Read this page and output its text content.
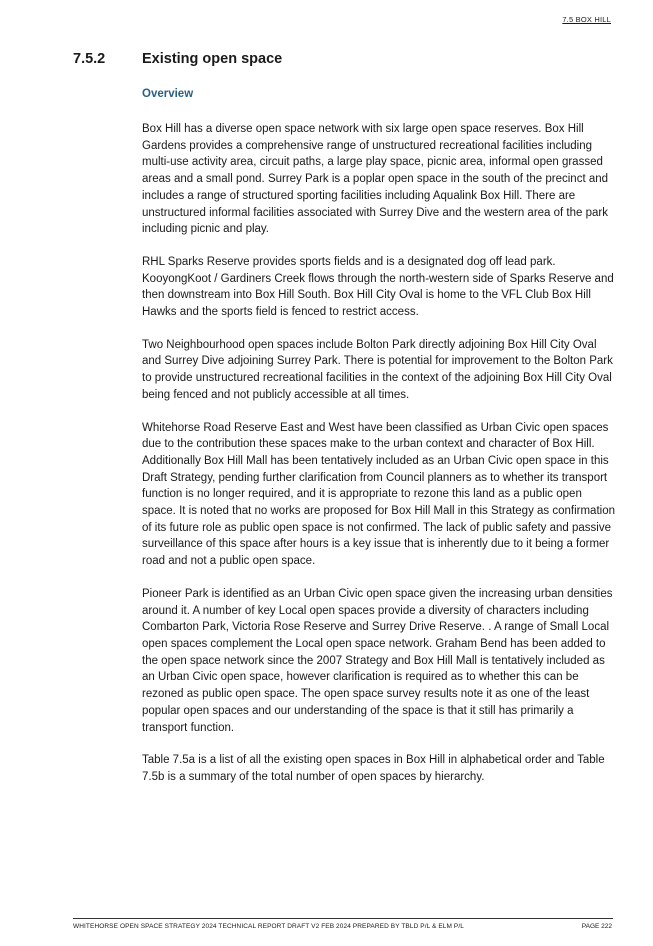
7.5 BOX HILL
7.5.2	Existing open space
Overview

Box Hill has a diverse open space network with six large open space reserves. Box Hill Gardens provides a comprehensive range of unstructured recreational facilities including multi-use activity area, circuit paths, a large play space, picnic area, informal open grassed areas and a small pond. Surrey Park is a poplar open space in the south of the precinct and includes a range of structured sporting facilities including Aqualink Box Hill. There are unstructured informal facilities associated with Surrey Dive and the western area of the park including picnic and play.

RHL Sparks Reserve provides sports fields and is a designated dog off lead park. KooyongKoot / Gardiners Creek flows through the north-western side of Sparks Reserve and then downstream into Box Hill South. Box Hill City Oval is home to the VFL Club Box Hill Hawks and the sports field is fenced to restrict access.

Two Neighbourhood open spaces include Bolton Park directly adjoining Box Hill City Oval and Surrey Dive adjoining Surrey Park. There is potential for improvement to the Bolton Park to provide unstructured recreational facilities in the context of the adjoining Box Hill City Oval being fenced and not publicly accessible at all times.

Whitehorse Road Reserve East and West have been classified as Urban Civic open spaces due to the contribution these spaces make to the urban context and character of Box Hill. Additionally Box Hill Mall has been tentatively included as an Urban Civic open space in this Draft Strategy, pending further clarification from Council planners as to whether its transport function is no longer required, and it is appropriate to rezone this land as a public open space. It is noted that no works are proposed for Box Hill Mall in this Strategy as confirmation of its future role as public open space is not confirmed. The lack of public safety and passive surveillance of this space after hours is a key issue that is inherently due to it being a former road and not a public open space.

Pioneer Park is identified as an Urban Civic open space given the increasing urban densities around it. A number of key Local open spaces provide a diversity of characters including Combarton Park, Victoria Rose Reserve and Surrey Drive Reserve. . A range of Small Local open spaces complement the Local open space network. Graham Bend has been added to the open space network since the 2007 Strategy and Box Hill Mall is tentatively included as an Urban Civic open space, however clarification is required as to whether this can be rezoned as public open space. The open space survey results note it as one of the least popular open spaces and our understanding of the space is that it still has primarily a transport function.

Table 7.5a is a list of all the existing open spaces in Box Hill in alphabetical order and Table 7.5b is a summary of the total number of open spaces by hierarchy.

WHITEHORSE OPEN SPACE STRATEGY 2024 TECHNICAL REPORT DRAFT V2 FEB 2024 PREPARED BY TBLD P/L & ELM P/L	PAGE 222
